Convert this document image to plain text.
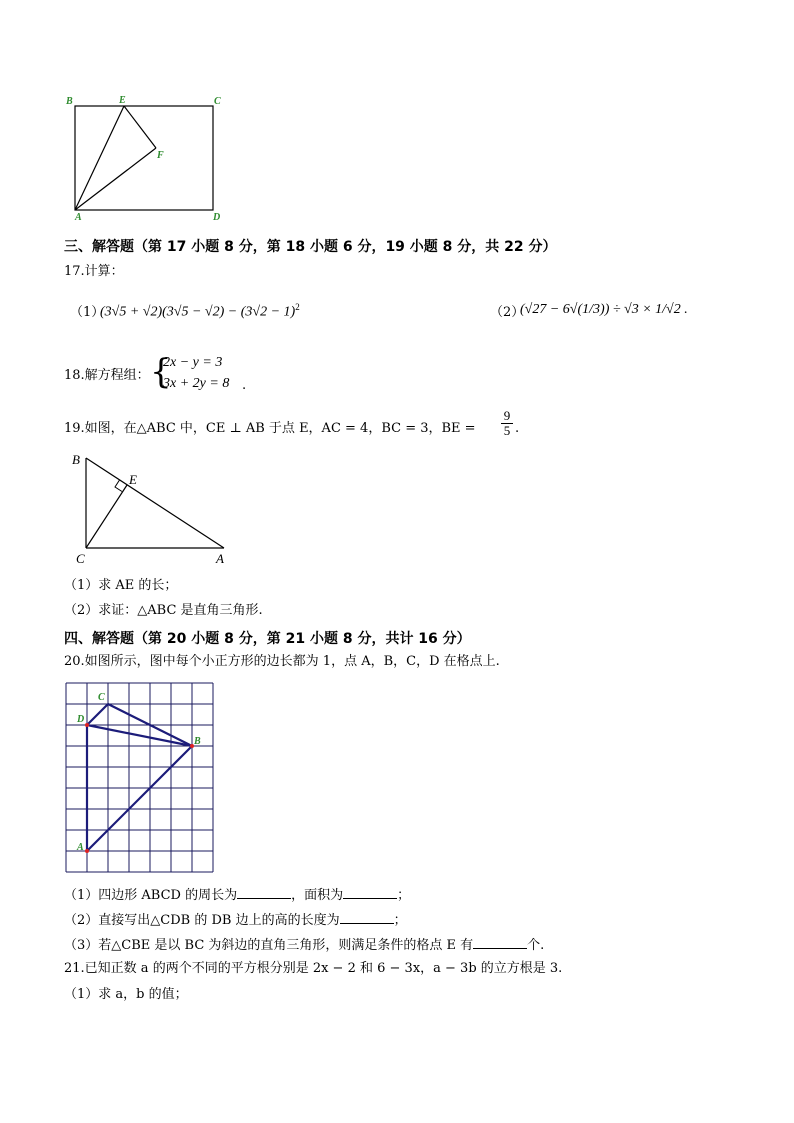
B	E	C
F
A	D
三、解答题（第 17 小题 8 分，第 18 小题 6 分，19 小题 8 分，共 22 分）
17.计算：
（1）
$(3√5 + √2)(3√5 - √2) - (3√2 - 1)^2$	（2）
(√27 − 6√(1/3)) ÷ √3 × 1/√2 .
18.解方程组： {
2x − y = 3
3x + 2y = 8 .
19.如图，在△ABC 中，CE ⊥ AB 于点 E，AC = 4，BC = 3，BE = $\frac{9}{5}$ .
B
E
C	A
（1）求 AE 的长；
（2）求证：△ABC 是直角三角形.
四、解答题（第 20 小题 8 分，第 21 小题 8 分，共计 16 分）
20.如图所示，图中每个小正方形的边长都为 1，点 A，B，C，D 在格点上.
C
D
B
A
（1）四边形 ABCD 的周长为	，面积为	；
（2）直接写出△CDB 的 DB 边上的高的长度为	；
（3）若△CBE 是以 BC 为斜边的直角三角形，则满足条件的格点 E 有	个.
21.已知正数 a 的两个不同的平方根分别是 2x − 2 和 6 − 3x，a − 3b 的立方根是 3.
（1）求 a，b 的值；
